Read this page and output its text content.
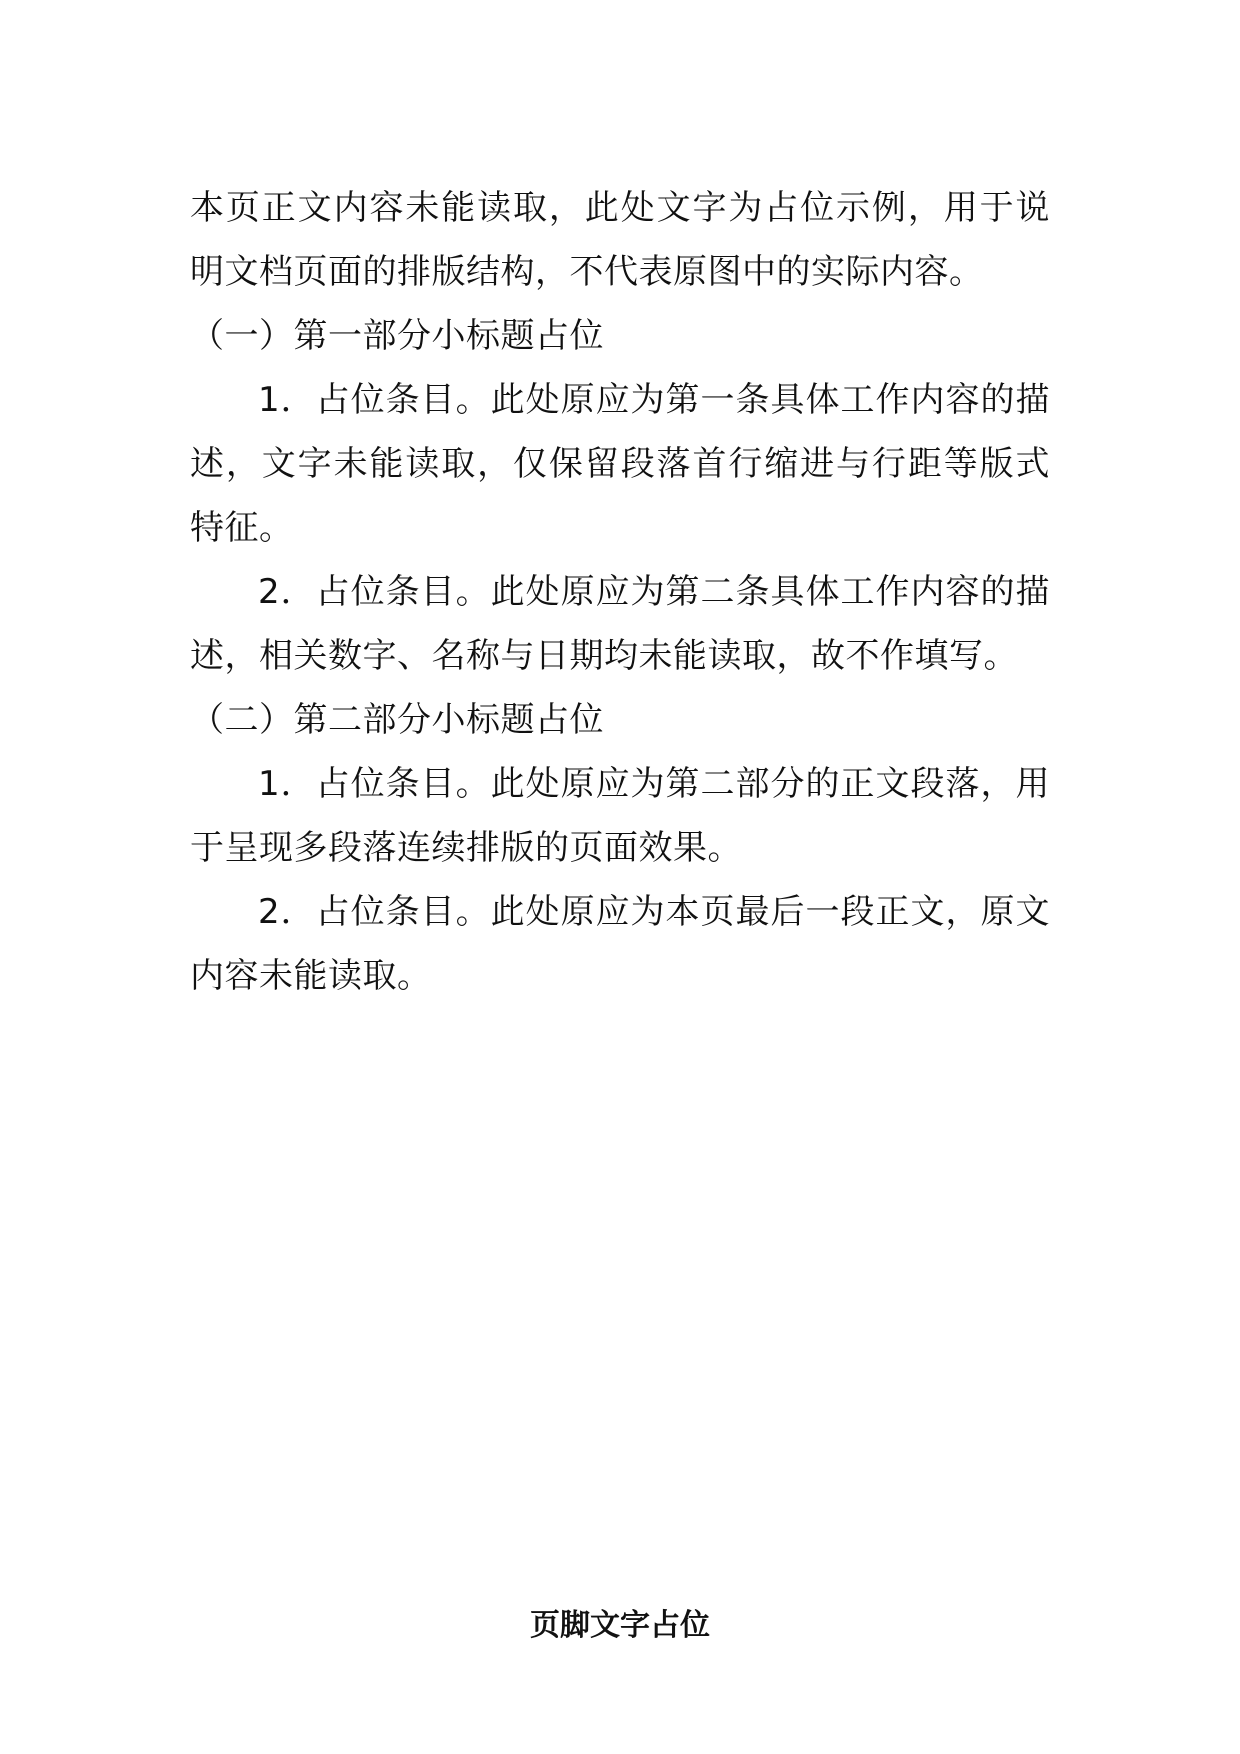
本页正文内容未能读取，此处文字为占位示例，用于说明文档页面的排版结构，不代表原图中的实际内容。

（一）第一部分小标题占位

1．占位条目。此处原应为第一条具体工作内容的描述，文字未能读取，仅保留段落首行缩进与行距等版式特征。

2．占位条目。此处原应为第二条具体工作内容的描述，相关数字、名称与日期均未能读取，故不作填写。

（二）第二部分小标题占位

1．占位条目。此处原应为第二部分的正文段落，用于呈现多段落连续排版的页面效果。

2．占位条目。此处原应为本页最后一段正文，原文内容未能读取。

页脚文字占位
